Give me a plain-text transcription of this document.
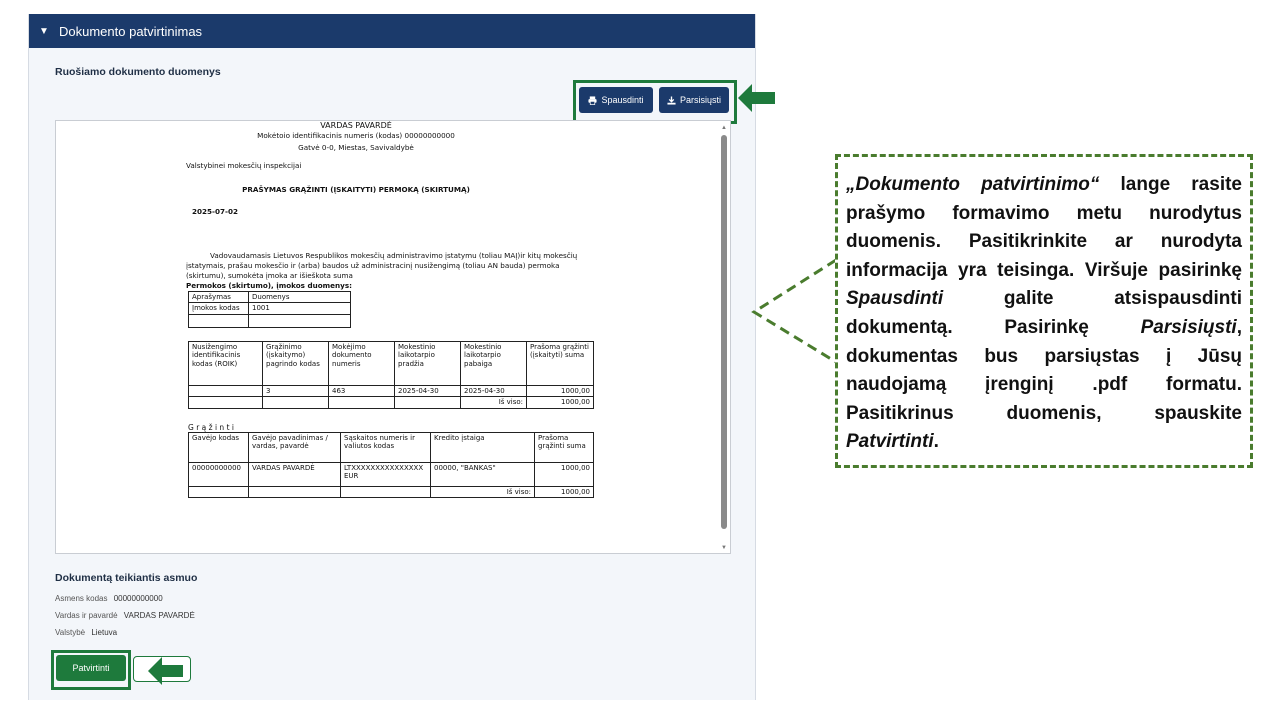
▼ Dokumento patvirtinimas
Ruošiamo dokumento duomenys
Spausdinti	Parsisiųsti
VARDAS PAVARDĖ
Mokėtoio identifikacinis numeris (kodas) 00000000000
Gatvė 0-0, Miestas, Savivaldybė

Valstybinei mokesčių inspekcijai

PRAŠYMAS GRĄŽINTI (ĮSKAITYTI) PERMOKĄ (SKIRTUMĄ)

2025-07-02

Vadovaudamasis Lietuvos Respublikos mokesčių administravimo įstatymu (toliau MAĮ)ir kitų mokesčių

įstatymais, prašau mokesčio ir (arba) baudos už administracinį nusižengimą (toliau AN bauda) permoka

(skirtumu), sumokėta įmoka ar išieškota suma

Permokos (skirtumo), įmokos duomenys:

Aprašymas	Duomenys
Įmokos kodas	1001

Nusižengimo identifikacinis kodas (ROIK)	Grąžinimo (įskaitymo) pagrindo kodas	Mokėjimo dokumento numeris	Mokestinio laikotarpio pradžia	Mokestinio laikotarpio pabaiga	Prašoma grąžinti (įskaityti) suma
	3	463	2025-04-30	2025-04-30	1000,00
				Iš viso:	1000,00

G r ą ž i n t i

Gavėjo kodas	Gavėjo pavadinimas / vardas, pavardė	Sąskaitos numeris ir valiutos kodas	Kredito įstaiga	Prašoma grąžinti suma
00000000000	VARDAS PAVARDĖ	LTXXXXXXXXXXXXXXX EUR	00000, "BANKAS"	1000,00
			Iš viso:	1000,00
▲
▼
Dokumentą teikiantis asmuo
Asmens kodas 00000000000
Vardas ir pavardė VARDAS PAVARDĖ
Valstybė Lietuva
Patvirtinti
„Dokumento patvirtinimo“ lange rasite prašymo formavimo metu nurodytus duomenis. Pasitikrinkite ar nurodyta informacija yra teisinga. Viršuje pasirinkę Spausdinti galite atsispausdinti dokumentą. Pasirinkę Parsisiųsti, dokumentas bus parsiųstas į Jūsų naudojamą įrenginį .pdf formatu. Pasitikrinus duomenis, spauskite Patvirtinti.
